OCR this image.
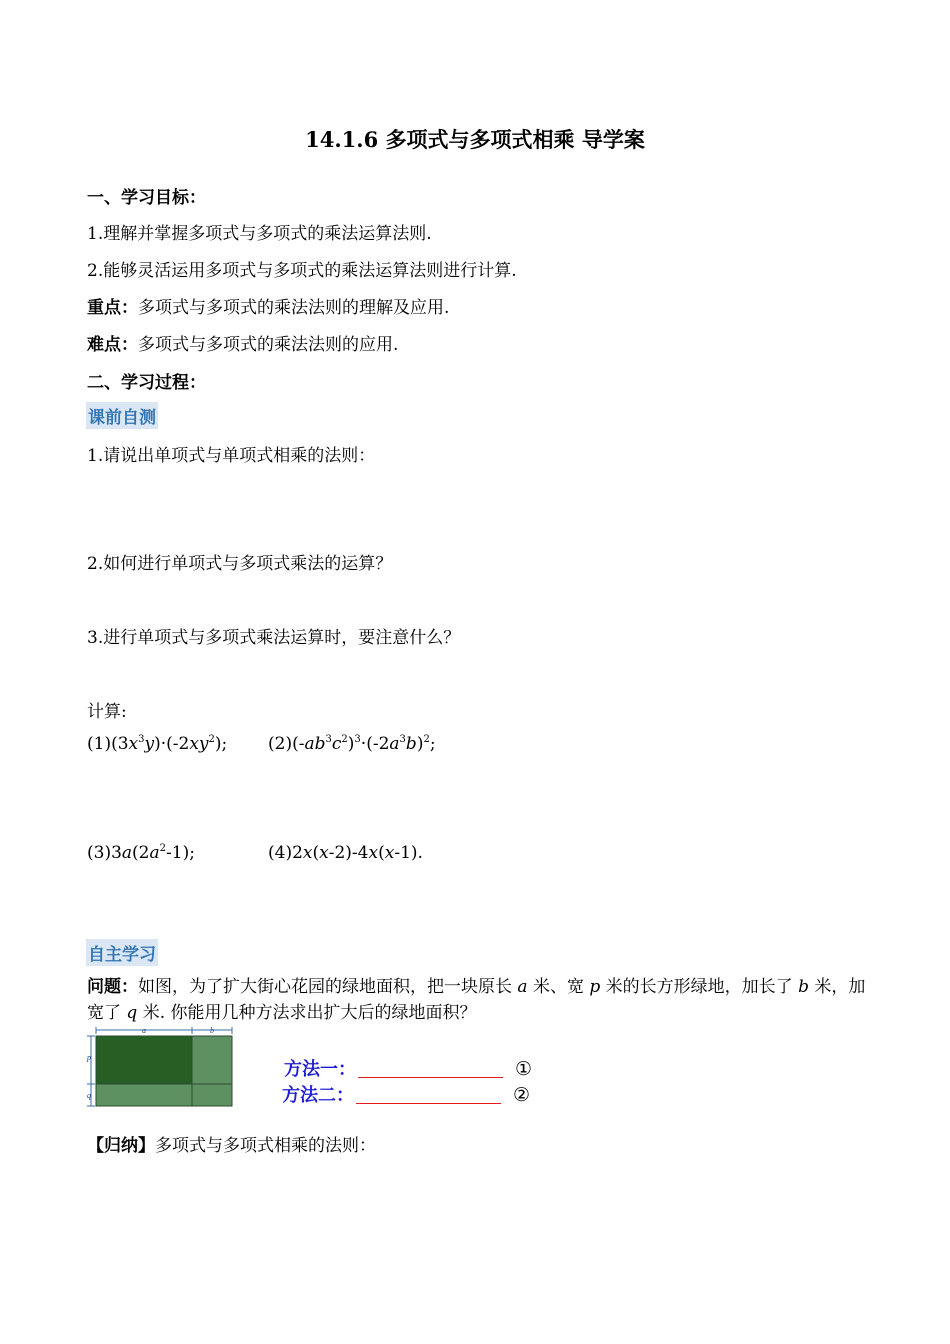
14.1.6 多项式与多项式相乘 导学案
一、学习目标：
1.理解并掌握多项式与多项式的乘法运算法则.
2.能够灵活运用多项式与多项式的乘法运算法则进行计算.
重点：多项式与多项式的乘法法则的理解及应用.
难点：多项式与多项式的乘法法则的应用.
二、学习过程：
课前自测
1.请说出单项式与单项式相乘的法则：
2.如何进行单项式与多项式乘法的运算？
3.进行单项式与多项式乘法运算时，要注意什么？
计算:
$(1)(3x^3y)\cdot(-2xy^2)$; $(2)(-ab^3c^2)^3\cdot(-2a^3b)^2$;
$(3)3a(2a^2-1)$;	(4)2x(x-2)-4x(x-1).
自主学习
问题：如图，为了扩大街心花园的绿地面积，把一块原长 a 米、宽 p 米的长方形绿地，加长了 b 米，加宽了 q 米. 你能用几种方法求出扩大后的绿地面积？
a	b
p
q
方法一：	①
方法二：	②
【归纳】多项式与多项式相乘的法则：
